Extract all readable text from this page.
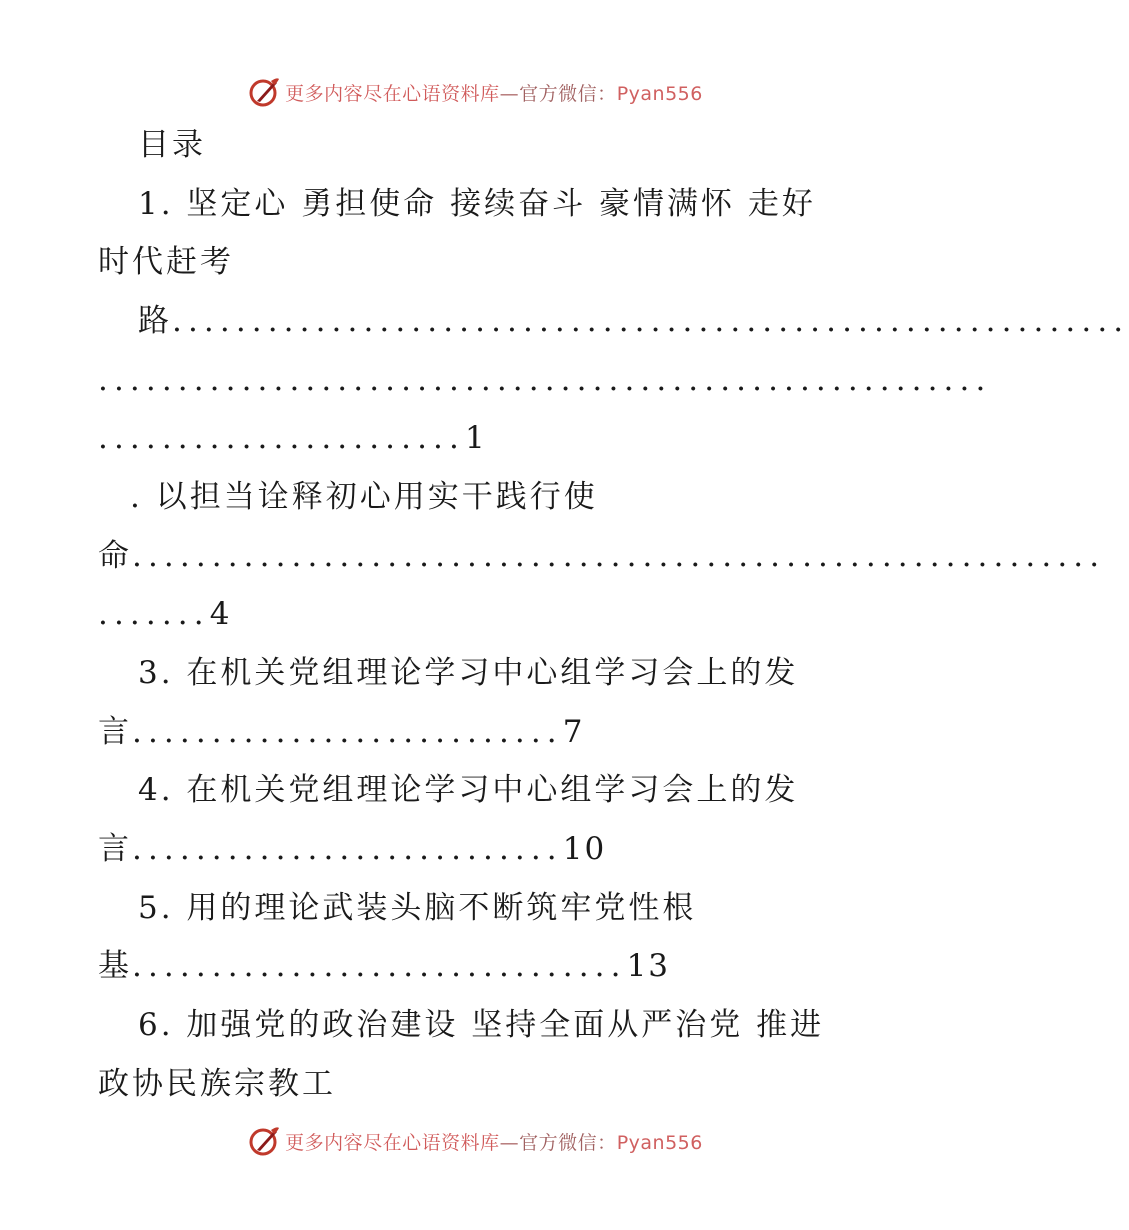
更多内容尽在心语资料库—官方微信：Pyan556

目录

1. 坚定心 勇担使命 接续奋斗 豪情满怀 走好

时代赶考

路............................................................

........................................................

.......................1

. 以担当诠释初心用实干践行使

命.............................................................

.......4

3. 在机关党组理论学习中心组学习会上的发

言...........................7

4. 在机关党组理论学习中心组学习会上的发

言...........................10

5. 用的理论武装头脑不断筑牢党性根

基...............................13

6. 加强党的政治建设 坚持全面从严治党 推进

政协民族宗教工

更多内容尽在心语资料库—官方微信：Pyan556
